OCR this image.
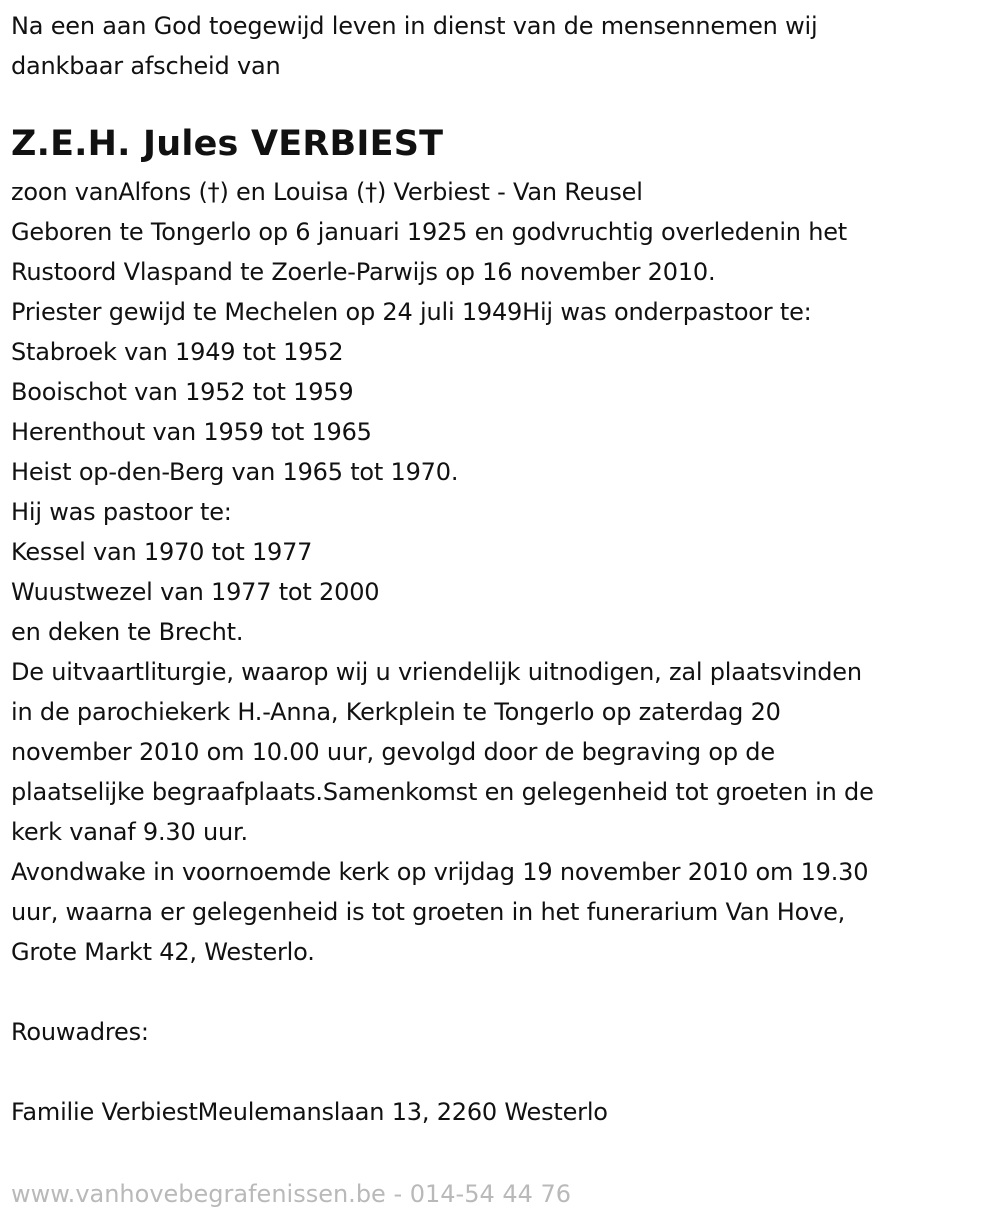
Na een aan God toegewijd leven in dienst van de mensennemen wij
dankbaar afscheid van
Z.E.H. Jules VERBIEST
zoon vanAlfons (†) en Louisa (†) Verbiest - Van Reusel
Geboren te Tongerlo op 6 januari 1925 en godvruchtig overledenin het
Rustoord Vlaspand te Zoerle-Parwijs op 16 november 2010.
Priester gewijd te Mechelen op 24 juli 1949Hij was onderpastoor te:
Stabroek van 1949 tot 1952
Booischot van 1952 tot 1959
Herenthout van 1959 tot 1965
Heist op-den-Berg van 1965 tot 1970.
Hij was pastoor te:
Kessel van 1970 tot 1977
Wuustwezel van 1977 tot 2000
en deken te Brecht.
De uitvaartliturgie, waarop wij u vriendelijk uitnodigen, zal plaatsvinden
in de parochiekerk H.-Anna, Kerkplein te Tongerlo op zaterdag 20
november 2010 om 10.00 uur, gevolgd door de begraving op de
plaatselijke begraafplaats.Samenkomst en gelegenheid tot groeten in de
kerk vanaf 9.30 uur.
Avondwake in voornoemde kerk op vrijdag 19 november 2010 om 19.30
uur, waarna er gelegenheid is tot groeten in het funerarium Van Hove,
Grote Markt 42, Westerlo.
Rouwadres:
Familie VerbiestMeulemanslaan 13, 2260 Westerlo
www.vanhovebegrafenissen.be - 014-54 44 76
